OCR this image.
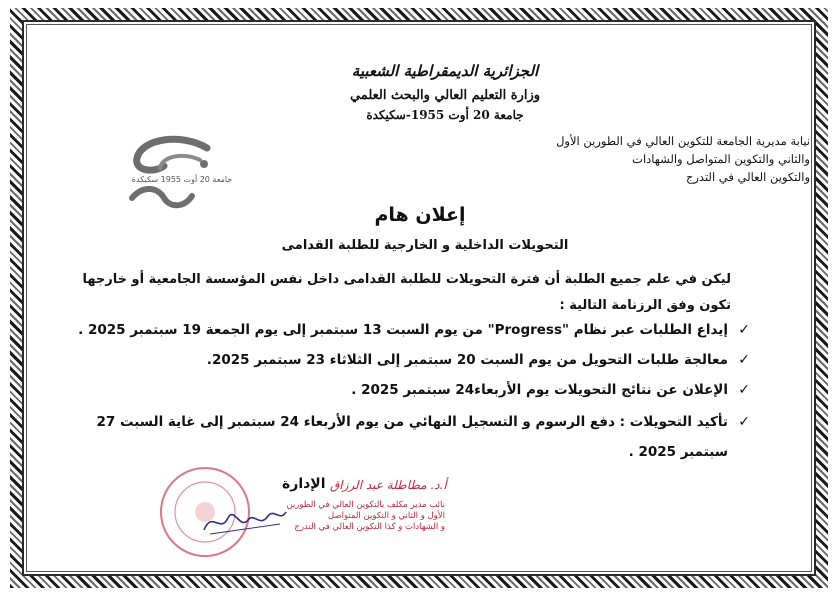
الجزائرية الديمقراطية الشعبية
وزارة التعليم العالي والبحث العلمي
جامعة 20 أوت 1955-سكيكدة
نيابة مديرية الجامعة للتكوين العالي في الطورين الأول
والثاني والتكوين المتواصل والشهادات
والتكوين العالي في التدرج
جامعة 20 أوت 1955 سكيكدة
إعلان هام
التحويلات الداخلية و الخارجية للطلبة القدامى
ليكن في علم جميع الطلبة أن فترة التحويلات للطلبة القدامى داخل نفس المؤسسة الجامعية أو خارجها
تكون وفق الرزنامة التالية :
✓
إيداع الطلبات عبر نظام "Progress" من يوم السبت 13 سبتمبر إلى يوم الجمعة 19 سبتمبر 2025 .
✓
معالجة طلبات التحويل من يوم السبت 20 سبتمبر إلى الثلاثاء 23 سبتمبر 2025.
✓
الإعلان عن نتائج التحويلات يوم الأربعاء24 سبتمبر 2025 .
✓
تأكيد التحويلات : دفع الرسوم و التسجيل النهائي من يوم الأربعاء 24 سبتمبر إلى غاية السبت 27
سبتمبر 2025 .
الإدارة أ.د. مطاطلة عبد الرزاق
نائب مدير مكلف بالتكوين العالي في الطورين
الأول و الثاني و التكوين المتواصل
و الشهادات و كذا التكوين العالي في التدرج
